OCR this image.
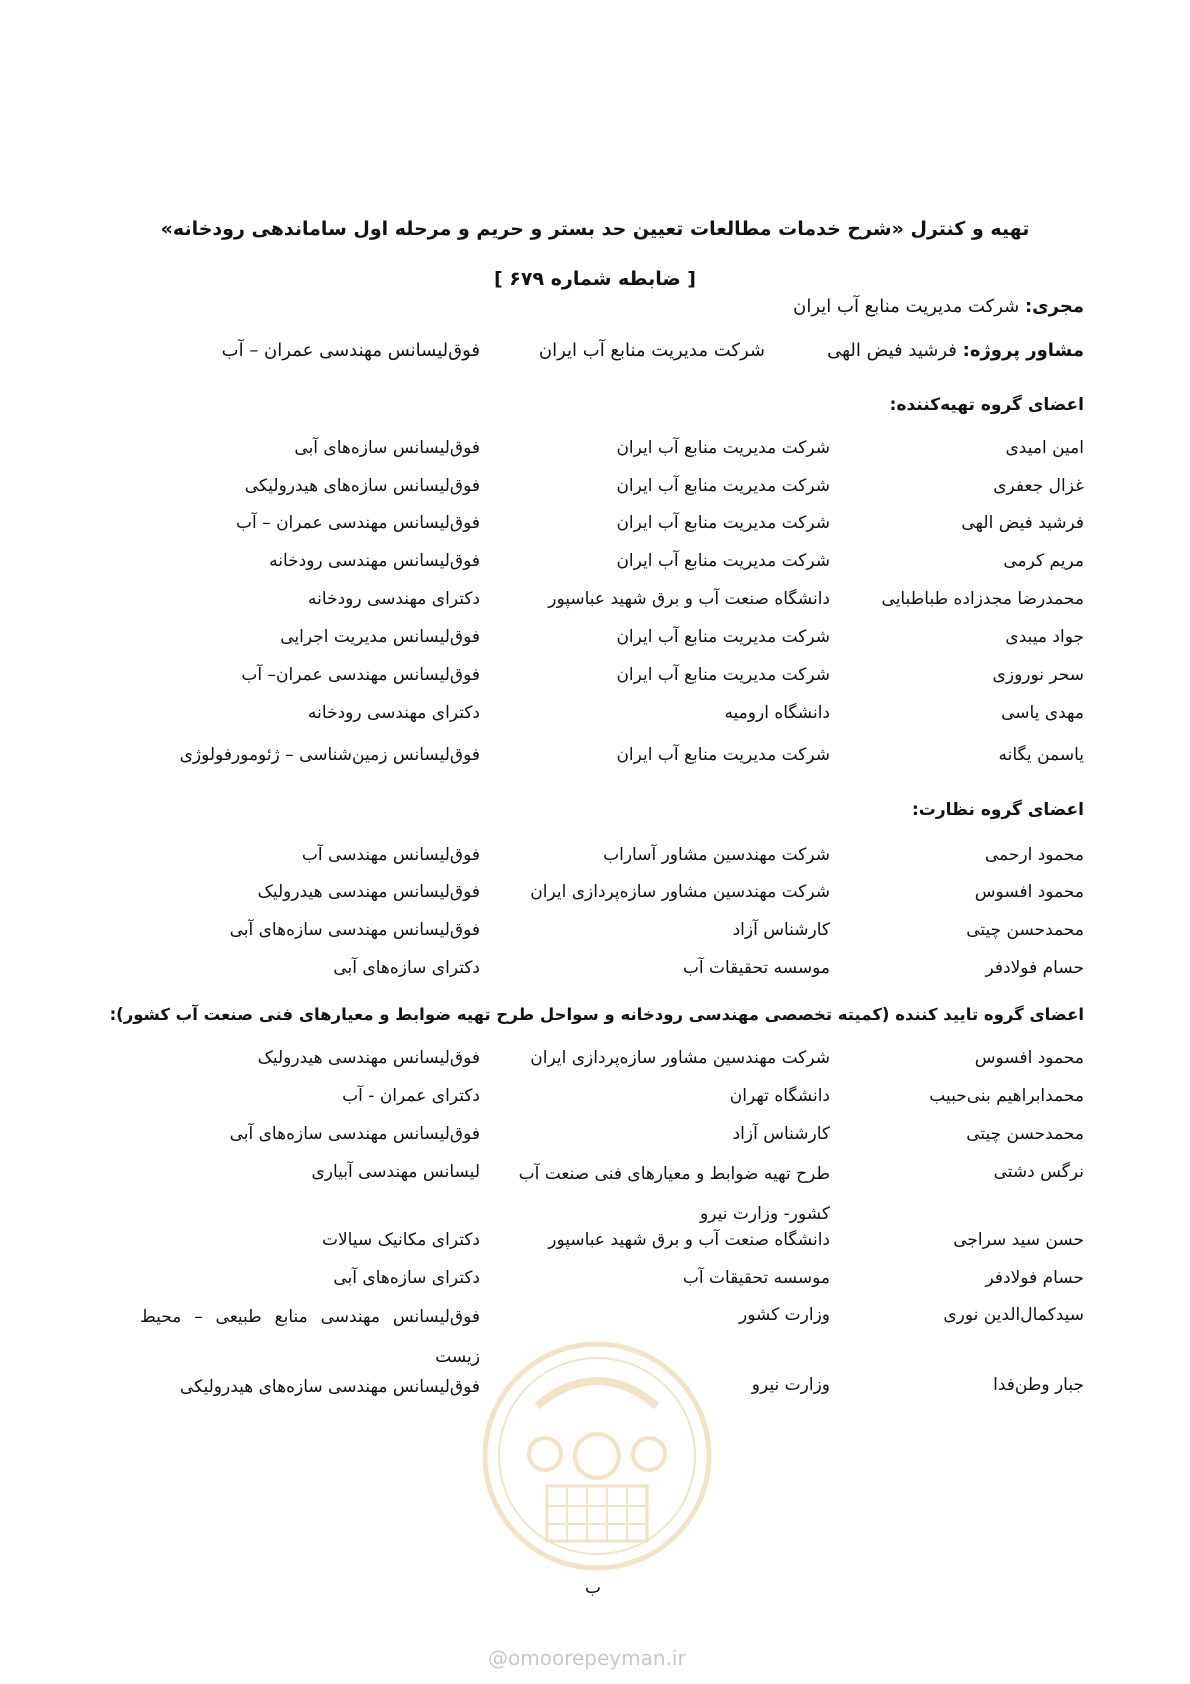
تهیه و کنترل «شرح خدمات مطالعات تعیین حد بستر و حریم و مرحله اول ساماندهی رودخانه»
[ ضابطه شماره ۶۷۹ ]
مجری: شرکت مدیریت منابع آب ایران
مشاور پروژه: فرشید فیض الهی
شرکت مدیریت منابع آب ایران
فوق‌لیسانس مهندسی عمران – آب
اعضای گروه تهیه‌کننده:
امین امیدی
شرکت مدیریت منابع آب ایران
فوق‌لیسانس سازه‌های آبی
غزال جعفری
شرکت مدیریت منابع آب ایران
فوق‌لیسانس سازه‌های هیدرولیکی
فرشید فیض الهی
شرکت مدیریت منابع آب ایران
فوق‌لیسانس مهندسی عمران – آب
مریم کرمی
شرکت مدیریت منابع آب ایران
فوق‌لیسانس مهندسی رودخانه
محمدرضا مجدزاده طباطبایی
دانشگاه صنعت آب و برق شهید عباسپور
دکترای مهندسی رودخانه
جواد میبدی
شرکت مدیریت منابع آب ایران
فوق‌لیسانس مدیریت اجرایی
سحر نوروزی
شرکت مدیریت منابع آب ایران
فوق‌لیسانس مهندسی عمران– آب
مهدی یاسی
دانشگاه ارومیه
دکترای مهندسی رودخانه
یاسمن یگانه
شرکت مدیریت منابع آب ایران
فوق‌لیسانس زمین‌شناسی – ژئومورفولوژی
اعضای گروه نظارت:
محمود ارحمی
شرکت مهندسین مشاور آساراب
فوق‌لیسانس مهندسی آب
محمود افسوس
شرکت مهندسین مشاور سازه‌پردازی ایران
فوق‌لیسانس مهندسی هیدرولیک
محمدحسن چیتی
کارشناس آزاد
فوق‌لیسانس مهندسی سازه‌های آبی
حسام فولادفر
موسسه تحقیقات آب
دکترای سازه‌های آبی
اعضای گروه تایید کننده (کمیته تخصصی مهندسی رودخانه و سواحل طرح تهیه ضوابط و معیارهای فنی صنعت آب کشور):
محمود افسوس
شرکت مهندسین مشاور سازه‌پردازی ایران
فوق‌لیسانس مهندسی هیدرولیک
محمدابراهیم بنی‌حبیب
دانشگاه تهران
دکترای عمران - آب
محمدحسن چیتی
کارشناس آزاد
فوق‌لیسانس مهندسی سازه‌های آبی
نرگس دشتی
طرح تهیه ضوابط و معیارهای فنی صنعت آب کشور- وزارت نیرو
لیسانس مهندسی آبیاری
حسن سید سراجی
دانشگاه صنعت آب و برق شهید عباسپور
دکترای مکانیک سیالات
حسام فولادفر
موسسه تحقیقات آب
دکترای سازه‌های آبی
سیدکمال‌الدین نوری
وزارت کشور
فوق‌لیسانس مهندسی منابع طبیعی – محیط زیست
جبار وطن‌فدا
وزارت نیرو
فوق‌لیسانس مهندسی سازه‌های هیدرولیکی
ب
@omoorepeyman.ir
